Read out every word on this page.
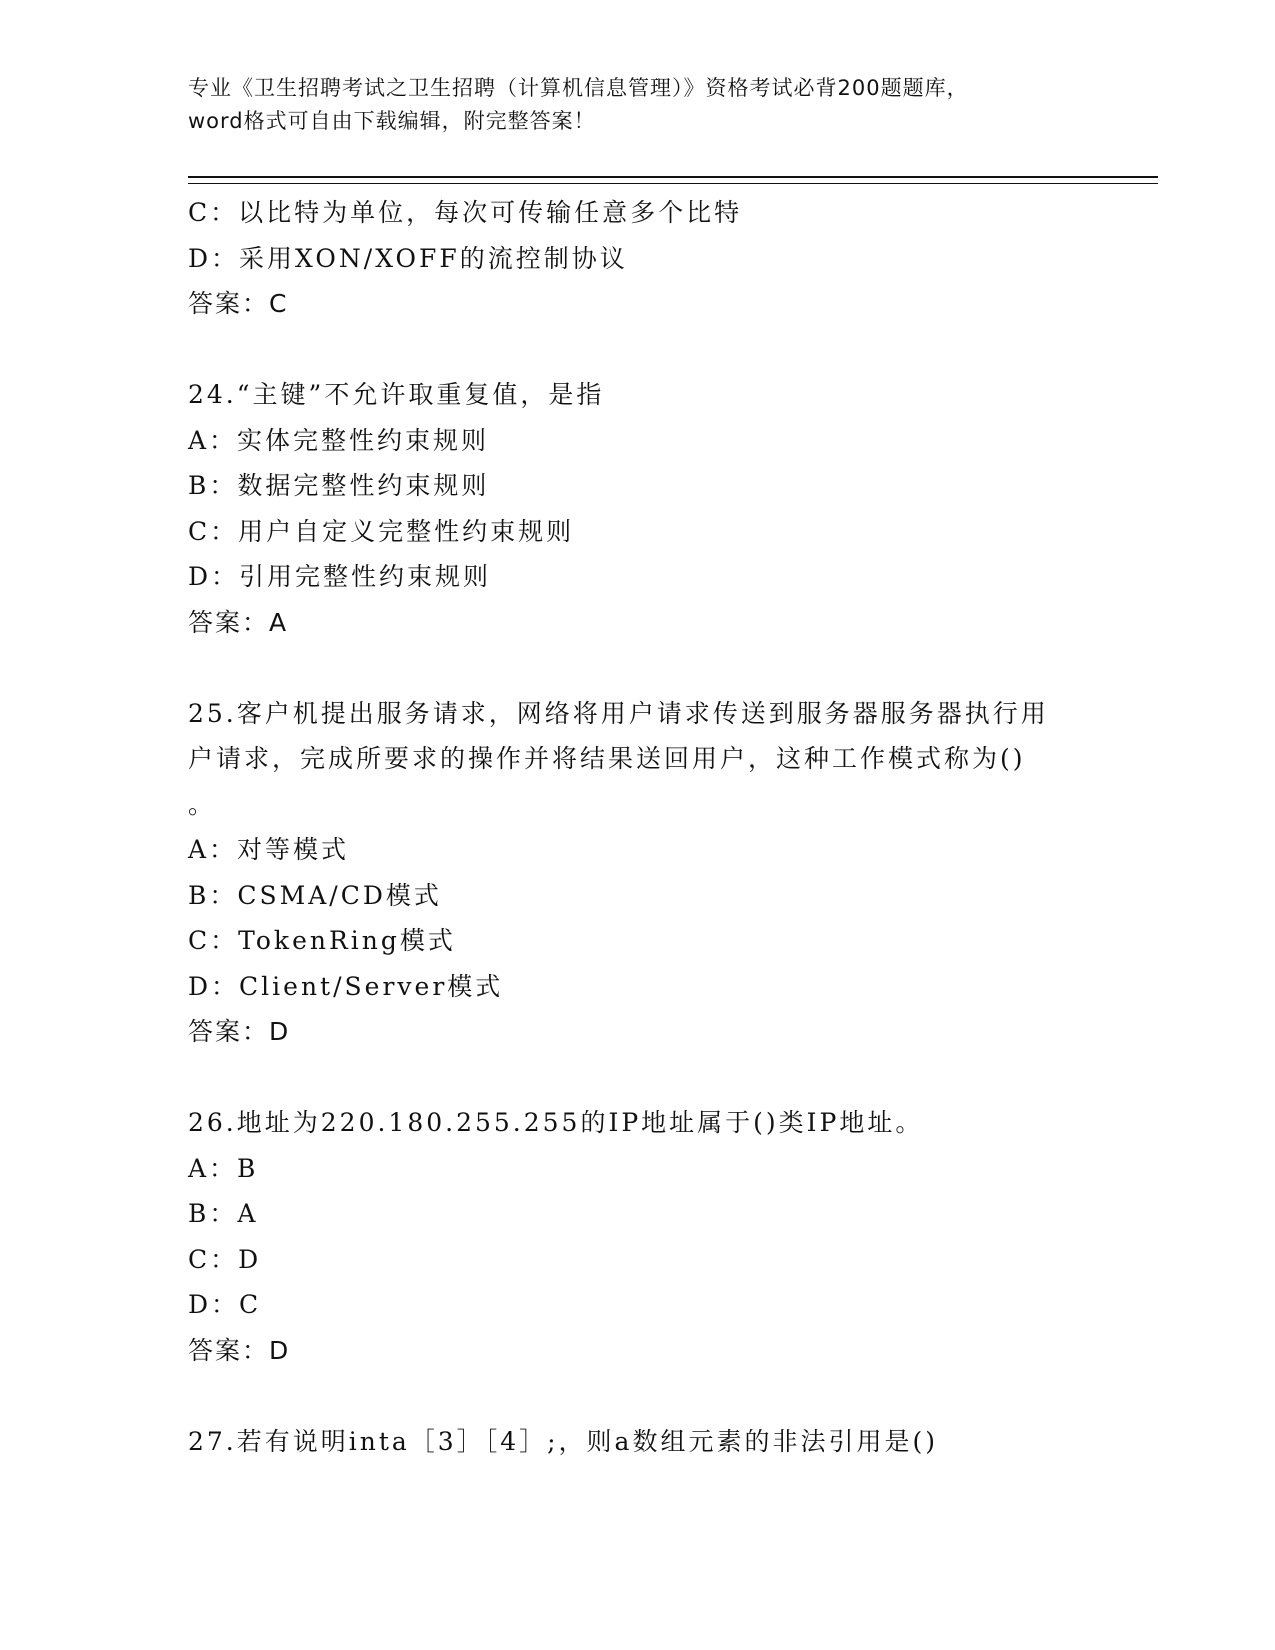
专业《卫生招聘考试之卫生招聘（计算机信息管理）》资格考试必背200题题库，
word格式可自由下载编辑，附完整答案！
C：以比特为单位，每次可传输任意多个比特
D：采用XON/XOFF的流控制协议
答案：C
24.“主键”不允许取重复值，是指
A：实体完整性约束规则
B：数据完整性约束规则
C：用户自定义完整性约束规则
D：引用完整性约束规则
答案：A
25.客户机提出服务请求，网络将用户请求传送到服务器服务器执行用
户请求，完成所要求的操作并将结果送回用户，这种工作模式称为()
。
A：对等模式
B：CSMA/CD模式
C：TokenRing模式
D：Client/Server模式
答案：D
26.地址为220.180.255.255的IP地址属于()类IP地址。
A：B
B：A
C：D
D：C
答案：D
27.若有说明inta［3］［4］;，则a数组元素的非法引用是()
